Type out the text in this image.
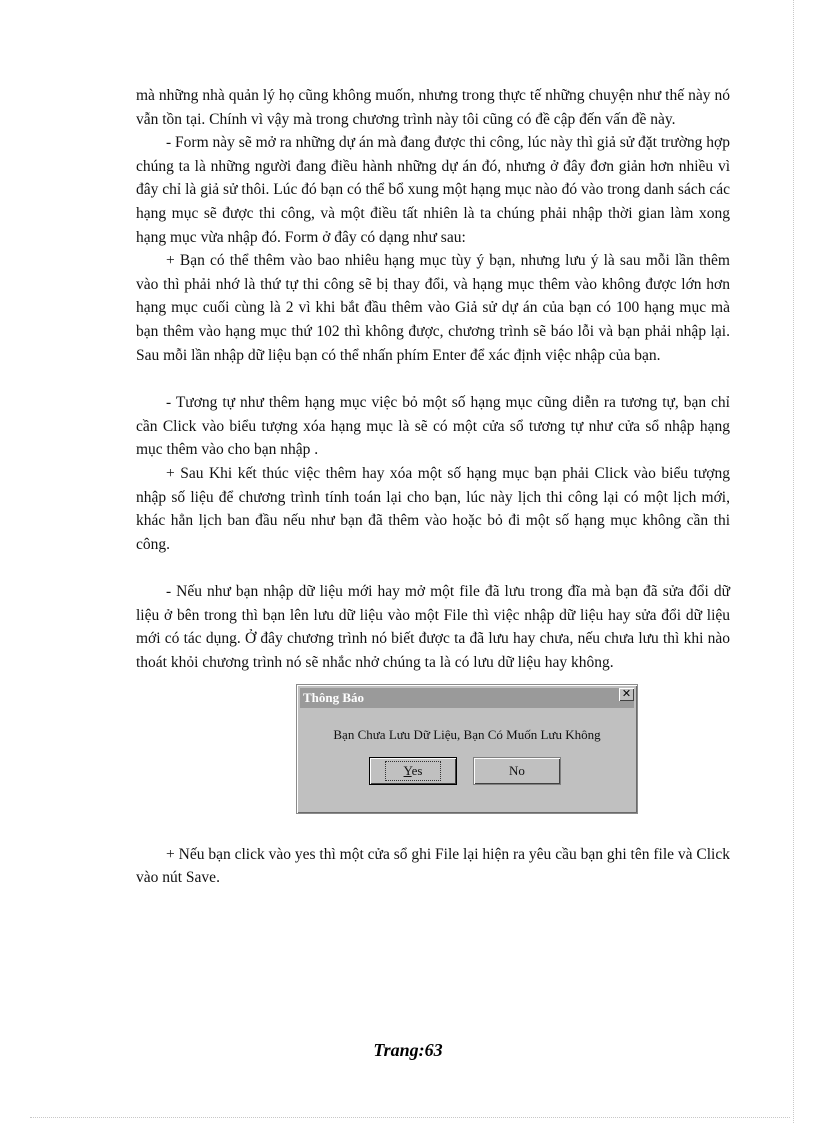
mà những nhà quản lý họ cũng không muốn, nhưng trong thực tế những chuyện như thế này nó vẫn tồn tại. Chính vì vậy mà trong chương trình này tôi cũng có đề cập đến vấn đề này.

- Form này sẽ mở ra những dự án mà đang được thi công, lúc này thì giả sử đặt trường hợp chúng ta là những người đang điều hành những dự án đó, nhưng ở đây đơn giản hơn nhiều vì đây chỉ là giả sử thôi. Lúc đó bạn có thể bổ xung một hạng mục nào đó vào trong danh sách các hạng mục sẽ được thi công, và một điều tất nhiên là ta chúng phải nhập thời gian làm xong hạng mục vừa nhập đó. Form ở đây có dạng như sau:

+ Bạn có thể thêm vào bao nhiêu hạng mục tùy ý bạn, nhưng lưu ý là sau mỗi lần thêm vào thì phải nhớ là thứ tự thi công sẽ bị thay đổi, và hạng mục thêm vào không được lớn hơn hạng mục cuối cùng là 2 vì khi bắt đầu thêm vào Giả sử dự án của bạn có 100 hạng mục mà bạn thêm vào hạng mục thứ 102 thì không được, chương trình sẽ báo lỗi và bạn phải nhập lại. Sau mỗi lần nhập dữ liệu bạn có thể nhấn phím Enter để xác định việc nhập của bạn.

- Tương tự như thêm hạng mục việc bỏ một số hạng mục cũng diễn ra tương tự, bạn chỉ cần Click vào biểu tượng xóa hạng mục là sẽ có một cửa sổ tương tự như cửa sổ nhập hạng mục thêm vào cho bạn nhập .

+ Sau Khi kết thúc việc thêm hay xóa một số hạng mục bạn phải Click vào biểu tượng nhập số liệu để chương trình tính toán lại cho bạn, lúc này lịch thi công lại có một lịch mới, khác hẳn lịch ban đầu nếu như bạn đã thêm vào hoặc bỏ đi một số hạng mục không cần thi công.

- Nếu như bạn nhập dữ liệu mới hay mở một file đã lưu trong đĩa mà bạn đã sửa đổi dữ liệu ở bên trong thì bạn lên lưu dữ liệu vào một File thì việc nhập dữ liệu hay sửa đổi dữ liệu mới có tác dụng. Ở đây chương trình nó biết được ta đã lưu hay chưa, nếu chưa lưu thì khi nào thoát khỏi chương trình nó sẽ nhắc nhở chúng ta là có lưu dữ liệu hay không.

Thông Báo	✕
Bạn Chưa Lưu Dữ Liệu, Bạn Có Muốn Lưu Không
Yes	No

+ Nếu bạn click vào yes thì một cửa sổ ghi File lại hiện ra yêu cầu bạn ghi tên file và Click vào nút Save.

Trang:63
